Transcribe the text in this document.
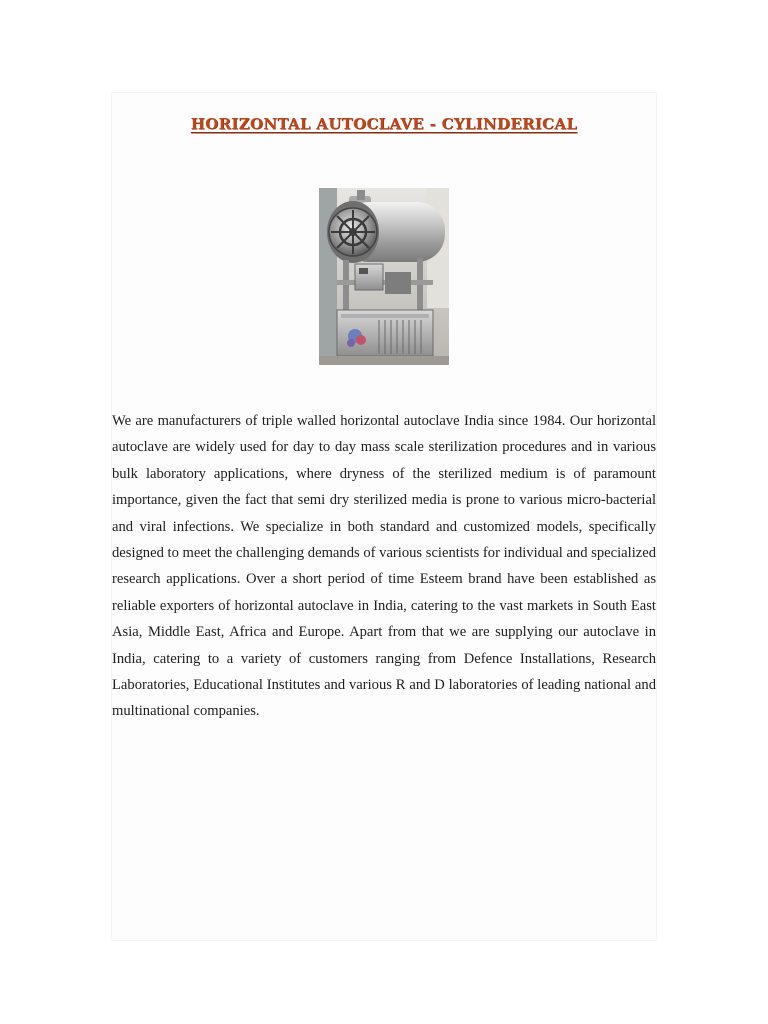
HORIZONTAL AUTOCLAVE - CYLINDERICAL

We are manufacturers of triple walled horizontal autoclave India since 1984. Our horizontal autoclave are widely used for day to day mass scale sterilization procedures and in various bulk laboratory applications, where dryness of the sterilized medium is of paramount importance, given the fact that semi dry sterilized media is prone to various micro-bacterial and viral infections. We specialize in both standard and customized models, specifically designed to meet the challenging demands of various scientists for individual and specialized research applications. Over a short period of time Esteem brand have been established as reliable exporters of horizontal autoclave in India, catering to the vast markets in South East Asia, Middle East, Africa and Europe. Apart from that we are supplying our autoclave in India, catering to a variety of customers ranging from Defence Installations, Research Laboratories, Educational Institutes and various R and D laboratories of leading national and multinational companies.
